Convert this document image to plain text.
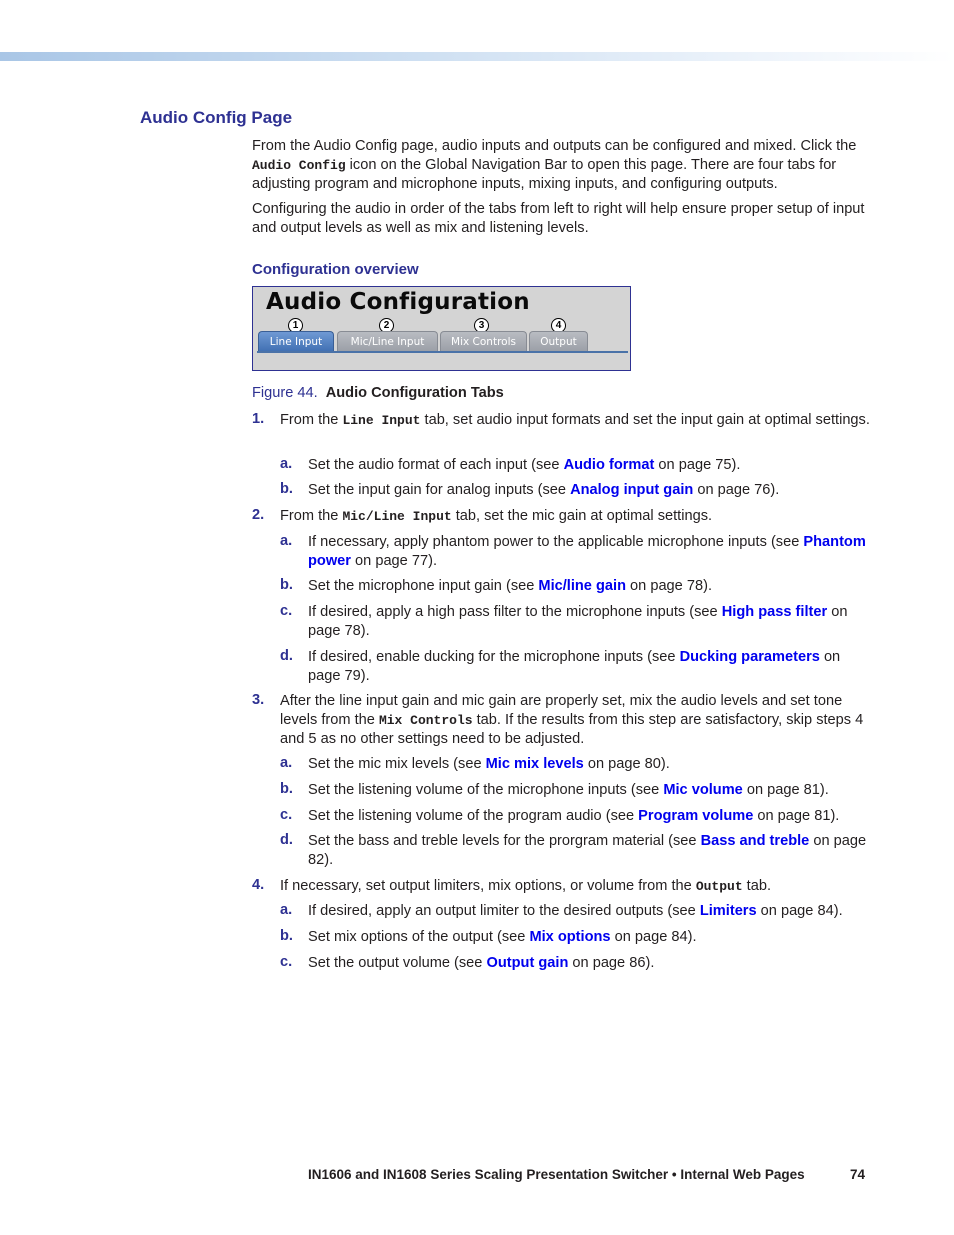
Audio Config Page

From the Audio Config page, audio inputs and outputs can be configured and mixed. Click the Audio Config icon on the Global Navigation Bar to open this page. There are four tabs for adjusting program and microphone inputs, mixing inputs, and configuring outputs.

Configuring the audio in order of the tabs from left to right will help ensure proper setup of input and output levels as well as mix and listening levels.

Configuration overview
Audio Configuration
1	2	3	4
Line Input	Mic/Line Input	Mix Controls	Output

Figure 44. Audio Configuration Tabs

1. From the Line Input tab, set audio input formats and set the input gain at optimal settings.

a. Set the audio format of each input (see Audio format on page 75).

b. Set the input gain for analog inputs (see Analog input gain on page 76).

2. From the Mic/Line Input tab, set the mic gain at optimal settings.

a. If necessary, apply phantom power to the applicable microphone inputs (see Phantom power on page 77).

b. Set the microphone input gain (see Mic/line gain on page 78).

c. If desired, apply a high pass filter to the microphone inputs (see High pass filter on page 78).

d. If desired, enable ducking for the microphone inputs (see Ducking parameters on page 79).

3. After the line input gain and mic gain are properly set, mix the audio levels and set tone levels from the Mix Controls tab. If the results from this step are satisfactory, skip steps 4 and 5 as no other settings need to be adjusted.

a. Set the mic mix levels (see Mic mix levels on page 80).

b. Set the listening volume of the microphone inputs (see Mic volume on page 81).

c. Set the listening volume of the program audio (see Program volume on page 81).

d. Set the bass and treble levels for the prorgram material (see Bass and treble on page 82).

4. If necessary, set output limiters, mix options, or volume from the Output tab.

a. If desired, apply an output limiter to the desired outputs (see Limiters on page 84).

b. Set mix options of the output (see Mix options on page 84).

c. Set the output volume (see Output gain on page 86).

IN1606 and IN1608 Series Scaling Presentation Switcher • Internal Web Pages	74
